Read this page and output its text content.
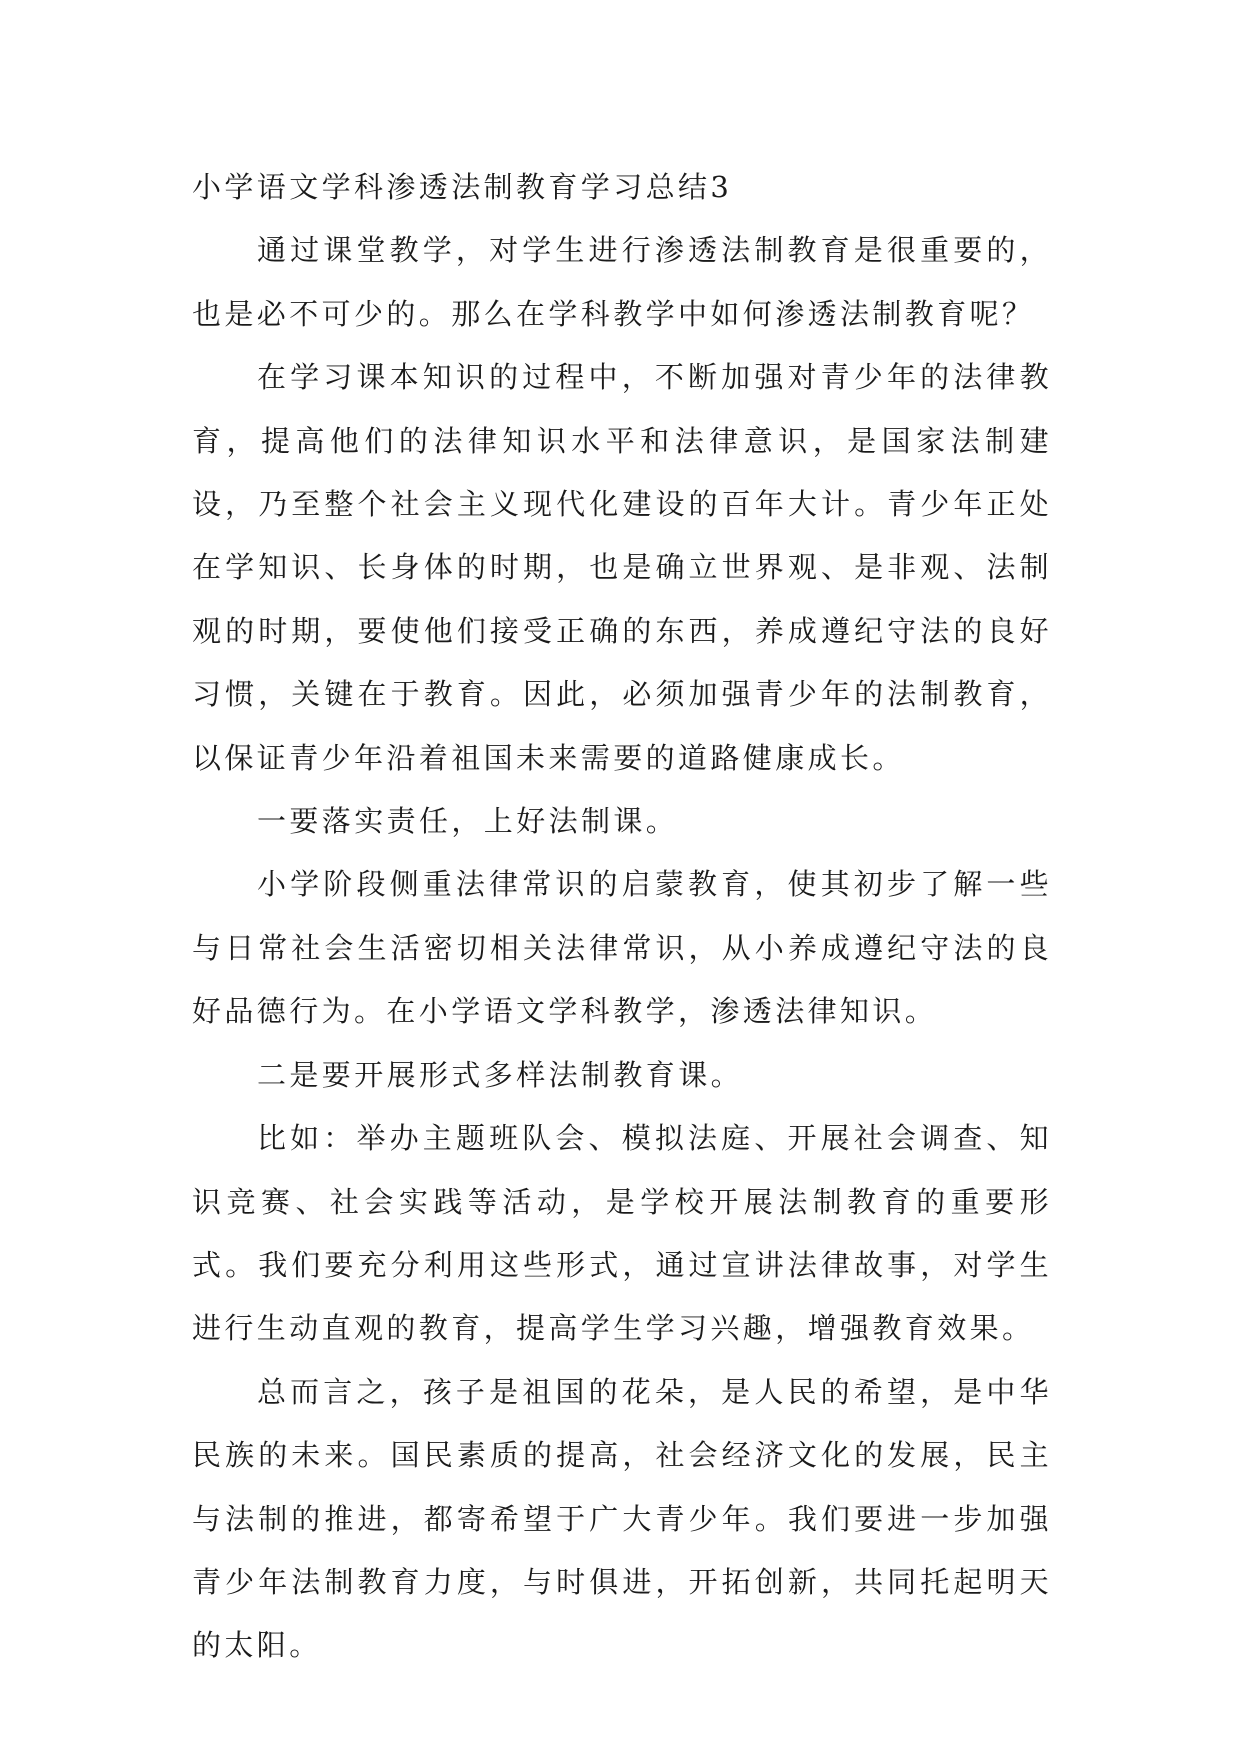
小学语文学科渗透法制教育学习总结3

通过课堂教学，对学生进行渗透法制教育是很重要的，也是必不可少的。那么在学科教学中如何渗透法制教育呢？

在学习课本知识的过程中，不断加强对青少年的法律教育，提高他们的法律知识水平和法律意识，是国家法制建设，乃至整个社会主义现代化建设的百年大计。青少年正处在学知识、长身体的时期，也是确立世界观、是非观、法制观的时期，要使他们接受正确的东西，养成遵纪守法的良好习惯，关键在于教育。因此，必须加强青少年的法制教育，以保证青少年沿着祖国未来需要的道路健康成长。

一要落实责任，上好法制课。

小学阶段侧重法律常识的启蒙教育，使其初步了解一些与日常社会生活密切相关法律常识，从小养成遵纪守法的良好品德行为。在小学语文学科教学，渗透法律知识。

二是要开展形式多样法制教育课。

比如：举办主题班队会、模拟法庭、开展社会调查、知识竞赛、社会实践等活动，是学校开展法制教育的重要形式。我们要充分利用这些形式，通过宣讲法律故事，对学生进行生动直观的教育，提高学生学习兴趣，增强教育效果。

总而言之，孩子是祖国的花朵，是人民的希望，是中华民族的未来。国民素质的提高，社会经济文化的发展，民主与法制的推进，都寄希望于广大青少年。我们要进一步加强青少年法制教育力度，与时俱进，开拓创新，共同托起明天的太阳。
